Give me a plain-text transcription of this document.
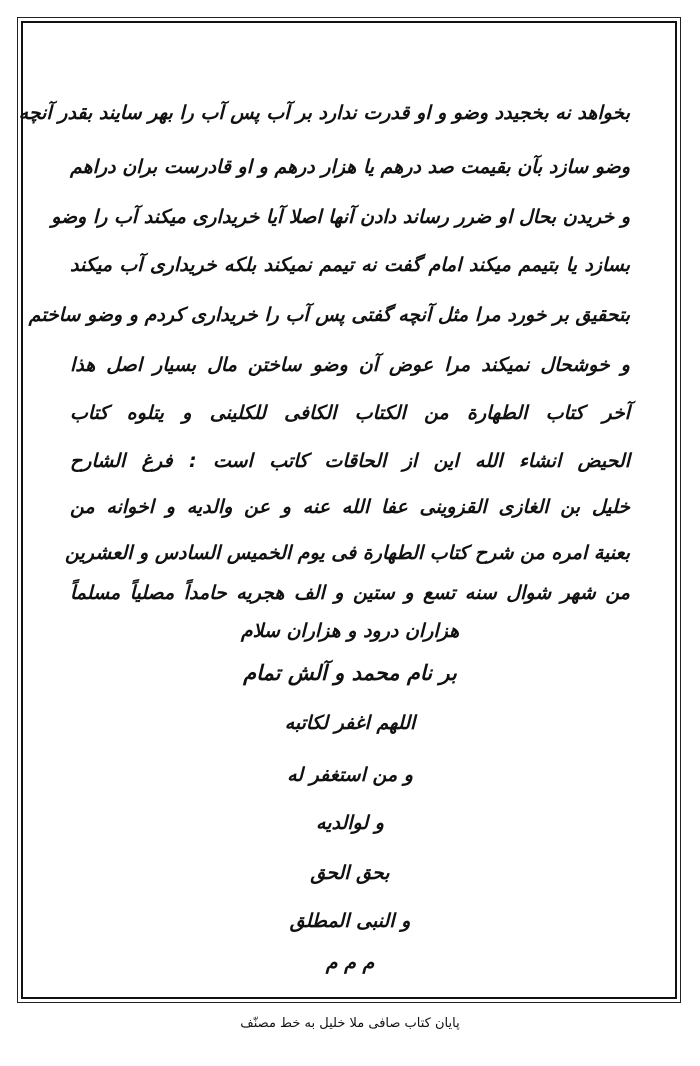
بخواهد نه بخجیدد وضو و او قدرت ندارد بر آب پس آب را بهر سایند بقدر آنچه
وضو سازد بآن بقیمت صد درهم یا هزار درهم و او قادرست بران دراهم
و خریدن بحال او ضرر رساند دادن آنها اصلا آیا خریداری میکند آب را وضو
بسازد یا بتیمم میکند امام گفت نه تیمم نمیکند بلکه خریداری آب میکند
بتحقیق بر خورد مرا مثل آنچه گفتی پس آب را خریداری کردم و وضو ساختم
و خوشحال نمیکند مرا عوض آن وضو ساختن مال بسیار اصل هذا
آخر کتاب الطهارة من الکتاب الکافی للکلینی و یتلوه کتاب
الحیض انشاء الله این از الحاقات کاتب است : فرغ الشارح
خلیل بن الغازی القزوینی عفا الله عنه و عن والدیه و اخوانه من
بعنیة امره من شرح کتاب الطهارة فی یوم الخمیس السادس و العشرین
من شهر شوال سنه تسع و ستین و الف هجریه حامداً مصلیاً مسلماً
هزاران درود و هزاران سلام
بر نام محمد و آلش تمام
اللهم اغفر لکاتبه
و من استغفر له
و لوالدیه
و النبی المطلق
م م م
بحق الحق
پایان کتاب صافی ملا خلیل به خط مصنّف
